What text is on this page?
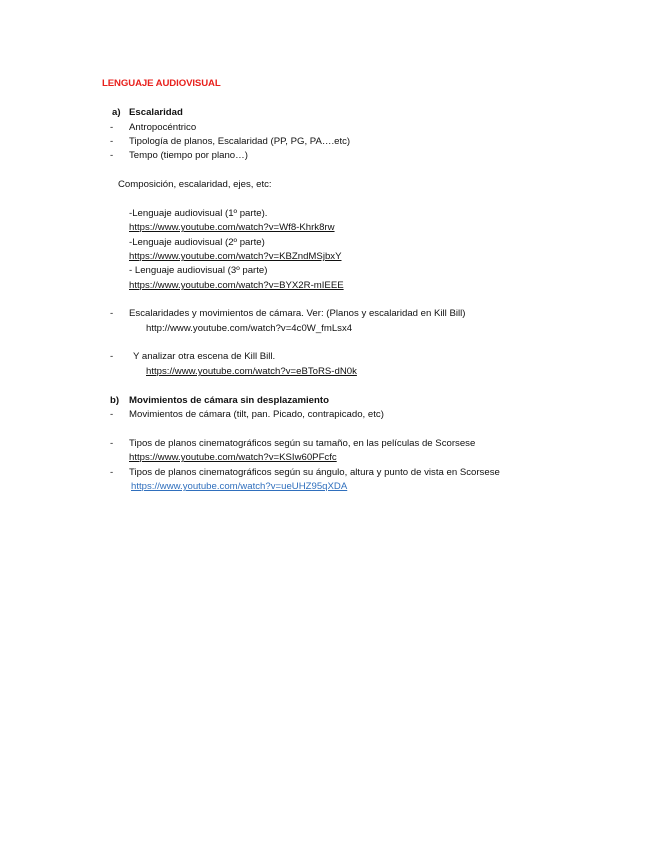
LENGUAJE AUDIOVISUAL
a) Escalaridad
- Antropocéntrico
- Tipología de planos, Escalaridad (PP, PG, PA….etc)
- Tempo (tiempo por plano…)
Composición, escalaridad, ejes, etc:
-Lenguaje audiovisual (1º parte).
https://www.youtube.com/watch?v=Wf8-Khrk8rw
-Lenguaje audiovisual (2º parte)
https://www.youtube.com/watch?v=KBZndMSjbxY
- Lenguaje audiovisual (3º parte)
https://www.youtube.com/watch?v=BYX2R-mIEEE
- Escalaridades y movimientos de cámara. Ver: (Planos y escalaridad en Kill Bill)
http://www.youtube.com/watch?v=4c0W_fmLsx4
- Y analizar otra escena de Kill Bill.
https://www.youtube.com/watch?v=eBToRS-dN0k
b) Movimientos de cámara sin desplazamiento
- Movimientos de cámara (tilt, pan. Picado, contrapicado, etc)
- Tipos de planos cinematográficos según su tamaño, en las películas de Scorsese
https://www.youtube.com/watch?v=KSIw60PFcfc
- Tipos de planos cinematográficos según su ángulo, altura y punto de vista en Scorsese
https://www.youtube.com/watch?v=ueUHZ95qXDA
